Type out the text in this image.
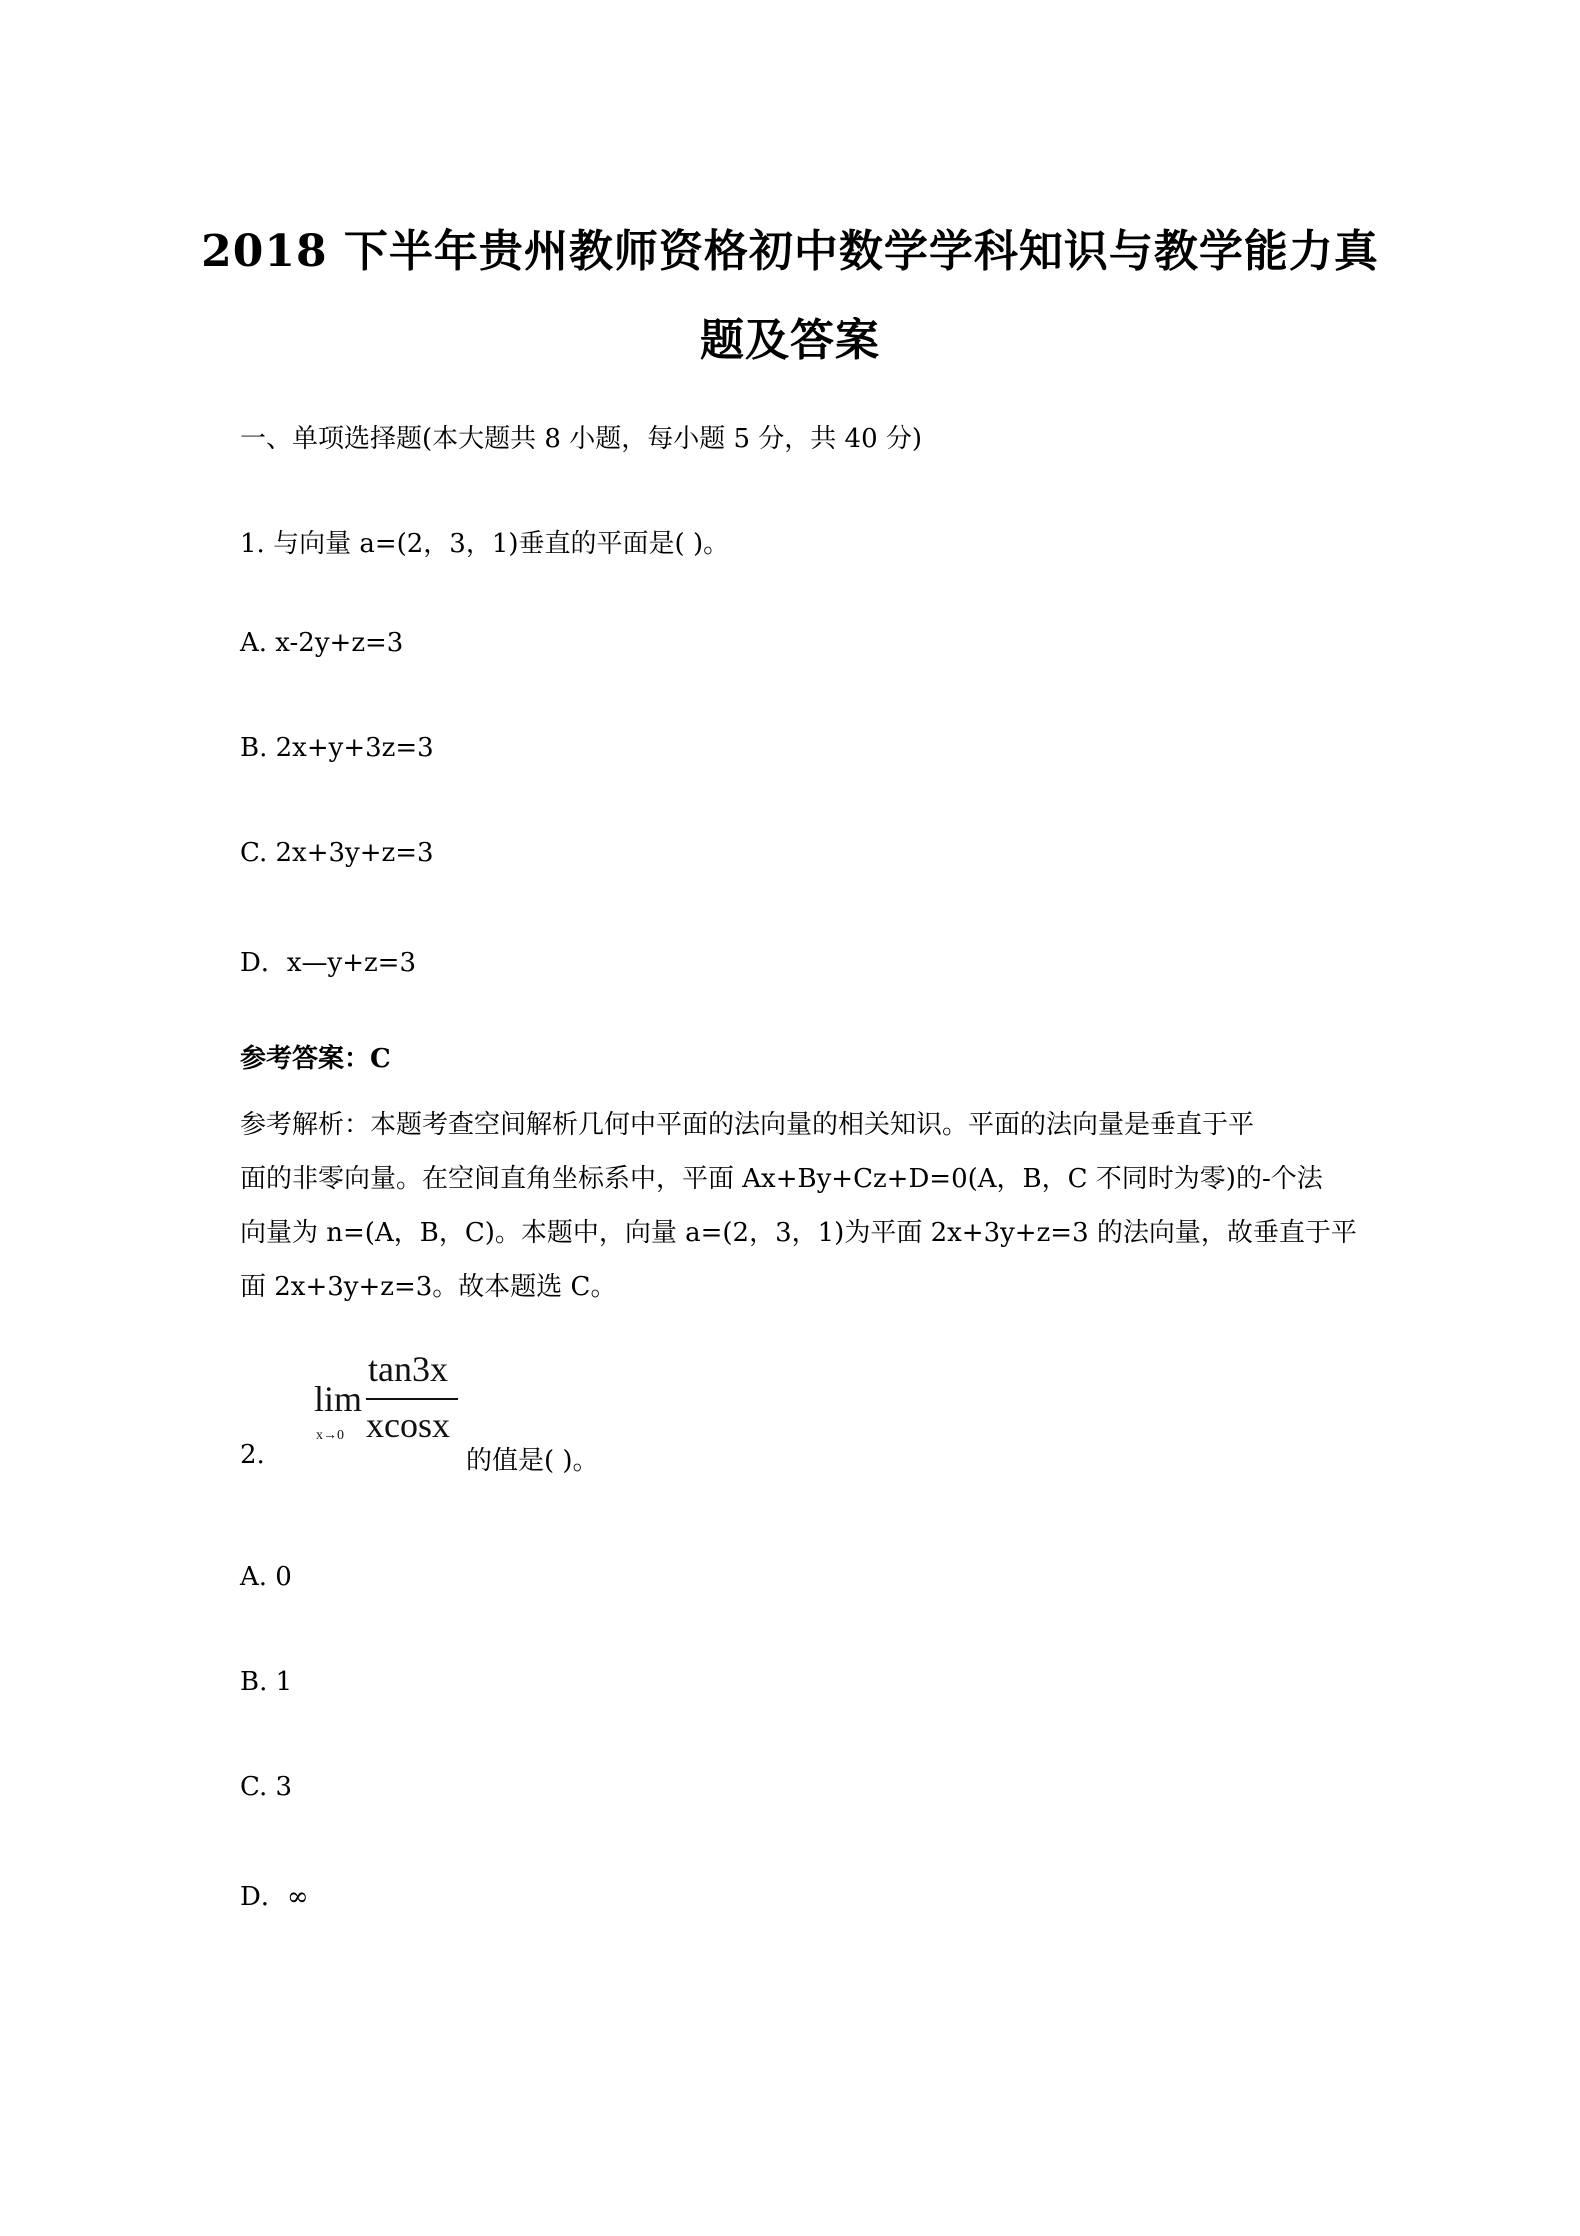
2018 下半年贵州教师资格初中数学学科知识与教学能力真
题及答案
一、单项选择题(本大题共 8 小题，每小题 5 分，共 40 分)
1. 与向量 a=(2，3，1)垂直的平面是( )。
A. x-2y+z=3
B. 2x+y+3z=3
C. 2x+3y+z=3
D．x—y+z=3
参考答案：C
参考解析：本题考查空间解析几何中平面的法向量的相关知识。平面的法向量是垂直于平
面的非零向量。在空间直角坐标系中，平面 Ax+By+Cz+D=0(A，B，C 不同时为零)的-个法
向量为 n=(A，B，C)。本题中，向量 a=(2，3，1)为平面 2x+3y+z=3 的法向量，故垂直于平
面 2x+3y+z=3。故本题选 C。
2.
lim
x→0
tan3x
xcosx
的值是( )。
A. 0
B. 1
C. 3
D．∞
